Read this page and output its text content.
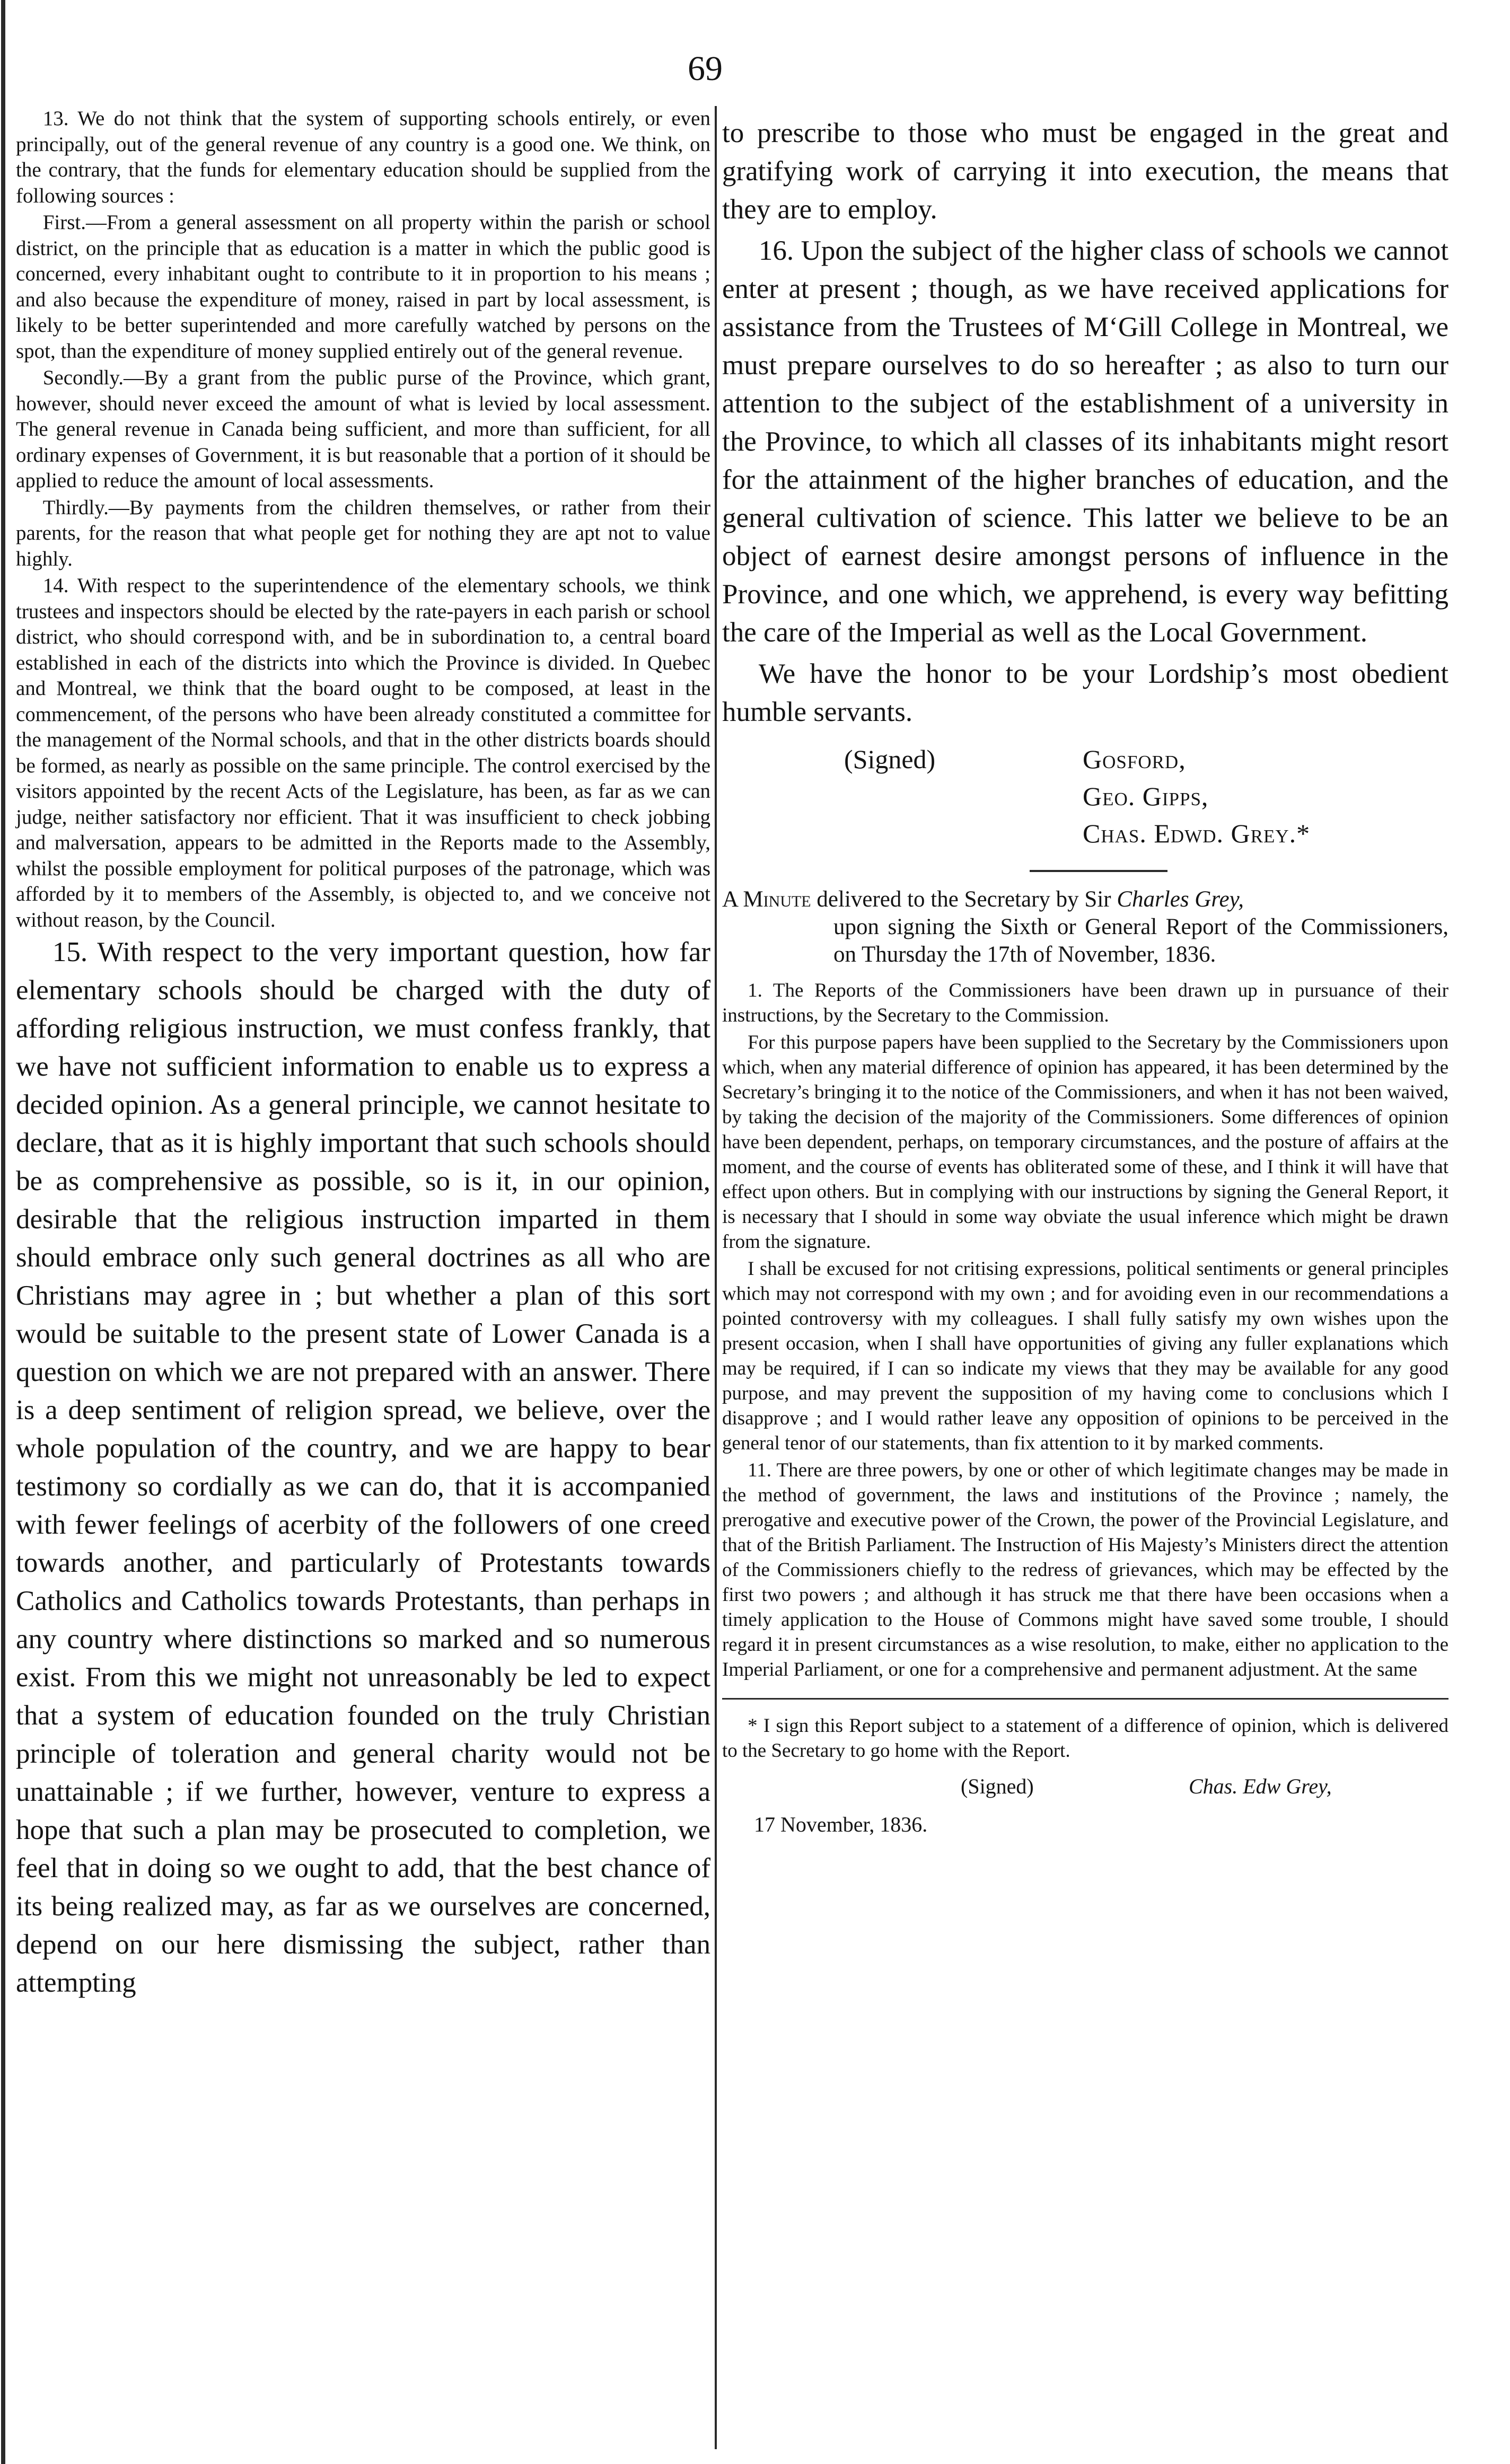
69

13. We do not think that the system of supporting schools entirely, or even principally, out of the general revenue of any country is a good one. We think, on the contrary, that the funds for elementary education should be supplied from the following sources :

First.—From a general assessment on all property within the parish or school district, on the principle that as education is a matter in which the public good is concerned, every inhabitant ought to contribute to it in proportion to his means ; and also because the expenditure of money, raised in part by local assessment, is likely to be better superintended and more carefully watched by persons on the spot, than the expenditure of money supplied entirely out of the general revenue.

Secondly.—By a grant from the public purse of the Province, which grant, however, should never exceed the amount of what is levied by local assessment. The general revenue in Canada being sufficient, and more than sufficient, for all ordinary expenses of Government, it is but reasonable that a portion of it should be applied to reduce the amount of local assessments.

Thirdly.—By payments from the children themselves, or rather from their parents, for the reason that what people get for nothing they are apt not to value highly.

14. With respect to the superintendence of the elementary schools, we think trustees and inspectors should be elected by the rate-payers in each parish or school district, who should correspond with, and be in subordination to, a central board established in each of the districts into which the Province is divided. In Quebec and Montreal, we think that the board ought to be composed, at least in the commencement, of the persons who have been already constituted a committee for the management of the Normal schools, and that in the other districts boards should be formed, as nearly as possible on the same principle. The control exercised by the visitors appointed by the recent Acts of the Legislature, has been, as far as we can judge, neither satisfactory nor efficient. That it was insufficient to check jobbing and malversation, appears to be admitted in the Reports made to the Assembly, whilst the possible employment for political purposes of the patronage, which was afforded by it to members of the Assembly, is objected to, and we conceive not without reason, by the Council.

15. With respect to the very important question, how far elementary schools should be charged with the duty of affording religious instruction, we must confess frankly, that we have not sufficient information to enable us to express a decided opinion. As a general principle, we cannot hesitate to declare, that as it is highly important that such schools should be as comprehensive as possible, so is it, in our opinion, desirable that the religious instruction imparted in them should embrace only such general doctrines as all who are Christians may agree in ; but whether a plan of this sort would be suitable to the present state of Lower Canada is a question on which we are not prepared with an answer. There is a deep sentiment of religion spread, we believe, over the whole population of the country, and we are happy to bear testimony so cordially as we can do, that it is accompanied with fewer feelings of acerbity of the followers of one creed towards another, and particularly of Protestants towards Catholics and Catholics towards Protestants, than perhaps in any country where distinctions so marked and so numerous exist. From this we might not unreasonably be led to expect that a system of education founded on the truly Christian principle of toleration and general charity would not be unattainable ; if we further, however, venture to express a hope that such a plan may be prosecuted to completion, we feel that in doing so we ought to add, that the best chance of its being realized may, as far as we ourselves are concerned, depend on our here dismissing the subject, rather than attempting

to prescribe to those who must be engaged in the great and gratifying work of carrying it into execution, the means that they are to employ.

16. Upon the subject of the higher class of schools we cannot enter at present ; though, as we have received applications for assistance from the Trustees of M‘Gill College in Montreal, we must prepare ourselves to do so hereafter ; as also to turn our attention to the subject of the establishment of a university in the Province, to which all classes of its inhabitants might resort for the attainment of the higher branches of education, and the general cultivation of science. This latter we believe to be an object of earnest desire amongst persons of influence in the Province, and one which, we apprehend, is every way befitting the care of the Imperial as well as the Local Government.

We have the honor to be your Lordship’s most obedient humble servants.

(Signed)	Gosford,
Geo. Gipps,
Chas. Edwd. Grey.*

A Minute delivered to the Secretary by Sir Charles Grey,
upon signing the Sixth or General Report of the Commissioners, on Thursday the 17th of November, 1836.

1. The Reports of the Commissioners have been drawn up in pursuance of their instructions, by the Secretary to the Commission.

For this purpose papers have been supplied to the Secretary by the Commissioners upon which, when any material difference of opinion has appeared, it has been determined by the Secretary’s bringing it to the notice of the Commissioners, and when it has not been waived, by taking the decision of the majority of the Commissioners. Some differences of opinion have been dependent, perhaps, on temporary circumstances, and the posture of affairs at the moment, and the course of events has obliterated some of these, and I think it will have that effect upon others. But in complying with our instructions by signing the General Report, it is necessary that I should in some way obviate the usual inference which might be drawn from the signature.

I shall be excused for not critising expressions, political sentiments or general principles which may not correspond with my own ; and for avoiding even in our recommendations a pointed controversy with my colleagues. I shall fully satisfy my own wishes upon the present occasion, when I shall have opportunities of giving any fuller explanations which may be required, if I can so indicate my views that they may be available for any good purpose, and may prevent the supposition of my having come to conclusions which I disapprove ; and I would rather leave any opposition of opinions to be perceived in the general tenor of our statements, than fix attention to it by marked comments.

11. There are three powers, by one or other of which legitimate changes may be made in the method of government, the laws and institutions of the Province ; namely, the prerogative and executive power of the Crown, the power of the Provincial Legislature, and that of the British Parliament. The Instruction of His Majesty’s Ministers direct the attention of the Commissioners chiefly to the redress of grievances, which may be effected by the first two powers ; and although it has struck me that there have been occasions when a timely application to the House of Commons might have saved some trouble, I should regard it in present circumstances as a wise resolution, to make, either no application to the Imperial Parliament, or one for a comprehensive and permanent adjustment. At the same

* I sign this Report subject to a statement of a difference of opinion, which is delivered to the Secretary to go home with the Report.

(Signed)	Chas. Edw Grey,
17 November, 1836.
